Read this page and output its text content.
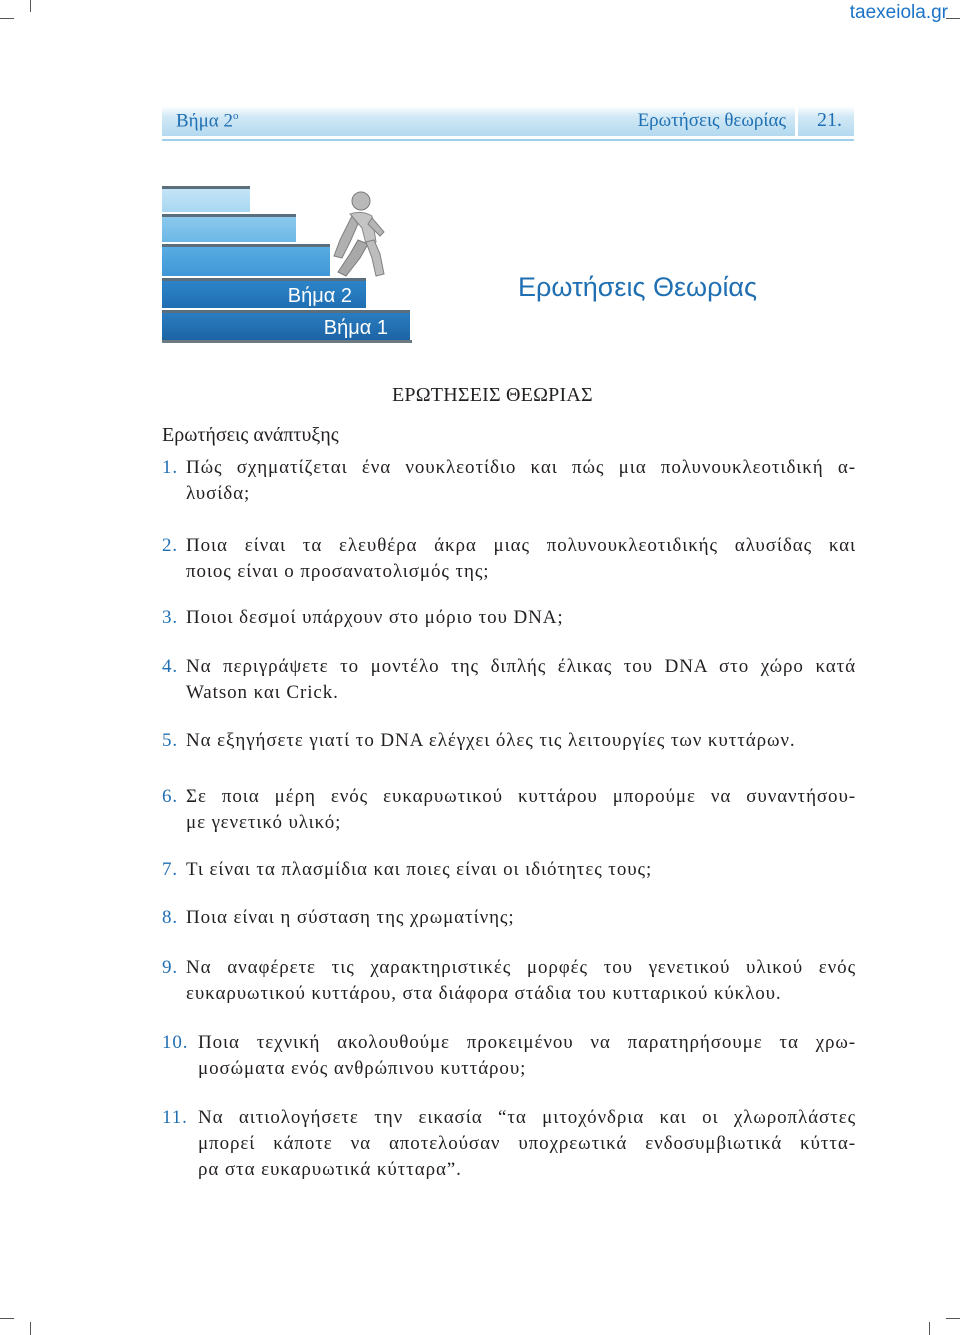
taexeiola.gr
Βήμα $2^o$	Ερωτήσεις θεωρίας 21.
Βήμα 2
Βήμα 1
Ερωτήσεις Θεωρίας
ΕΡΩΤΗΣΕΙΣ ΘΕΩΡΙΑΣ
Ερωτήσεις ανάπτυξης
1. Πώς σχηματίζεται ένα νουκλεοτίδιο και πώς μια πολυνουκλεοτιδική α-
λυσίδα;
2. Ποια είναι τα ελευθέρα άκρα μιας πολυνουκλεοτιδικής αλυσίδας και
ποιος είναι ο προσανατολισμός της;
3. Ποιοι δεσμοί υπάρχουν στο μόριο του DNA;
4. Να περιγράψετε το μοντέλο της διπλής έλικας του DNA στο χώρο κατά
Watson και Crick.
5. Να εξηγήσετε γιατί το DNA ελέγχει όλες τις λειτουργίες των κυττάρων.
6. Σε ποια μέρη ενός ευκαρυωτικού κυττάρου μπορούμε να συναντήσου-
με γενετικό υλικό;
7. Τι είναι τα πλασμίδια και ποιες είναι οι ιδιότητες τους;
8. Ποια είναι η σύσταση της χρωματίνης;
9. Να αναφέρετε τις χαρακτηριστικές μορφές του γενετικού υλικού ενός
ευκαρυωτικού κυττάρου, στα διάφορα στάδια του κυτταρικού κύκλου.
10. Ποια τεχνική ακολουθούμε προκειμένου να παρατηρήσουμε τα χρω-
μοσώματα ενός ανθρώπινου κυττάρου;
11. Να αιτιολογήσετε την εικασία “τα μιτοχόνδρια και οι χλωροπλάστες
μπορεί κάποτε να αποτελούσαν υποχρεωτικά ενδοσυμβιωτικά κύττα-
ρα στα ευκαρυωτικά κύτταρα”.
